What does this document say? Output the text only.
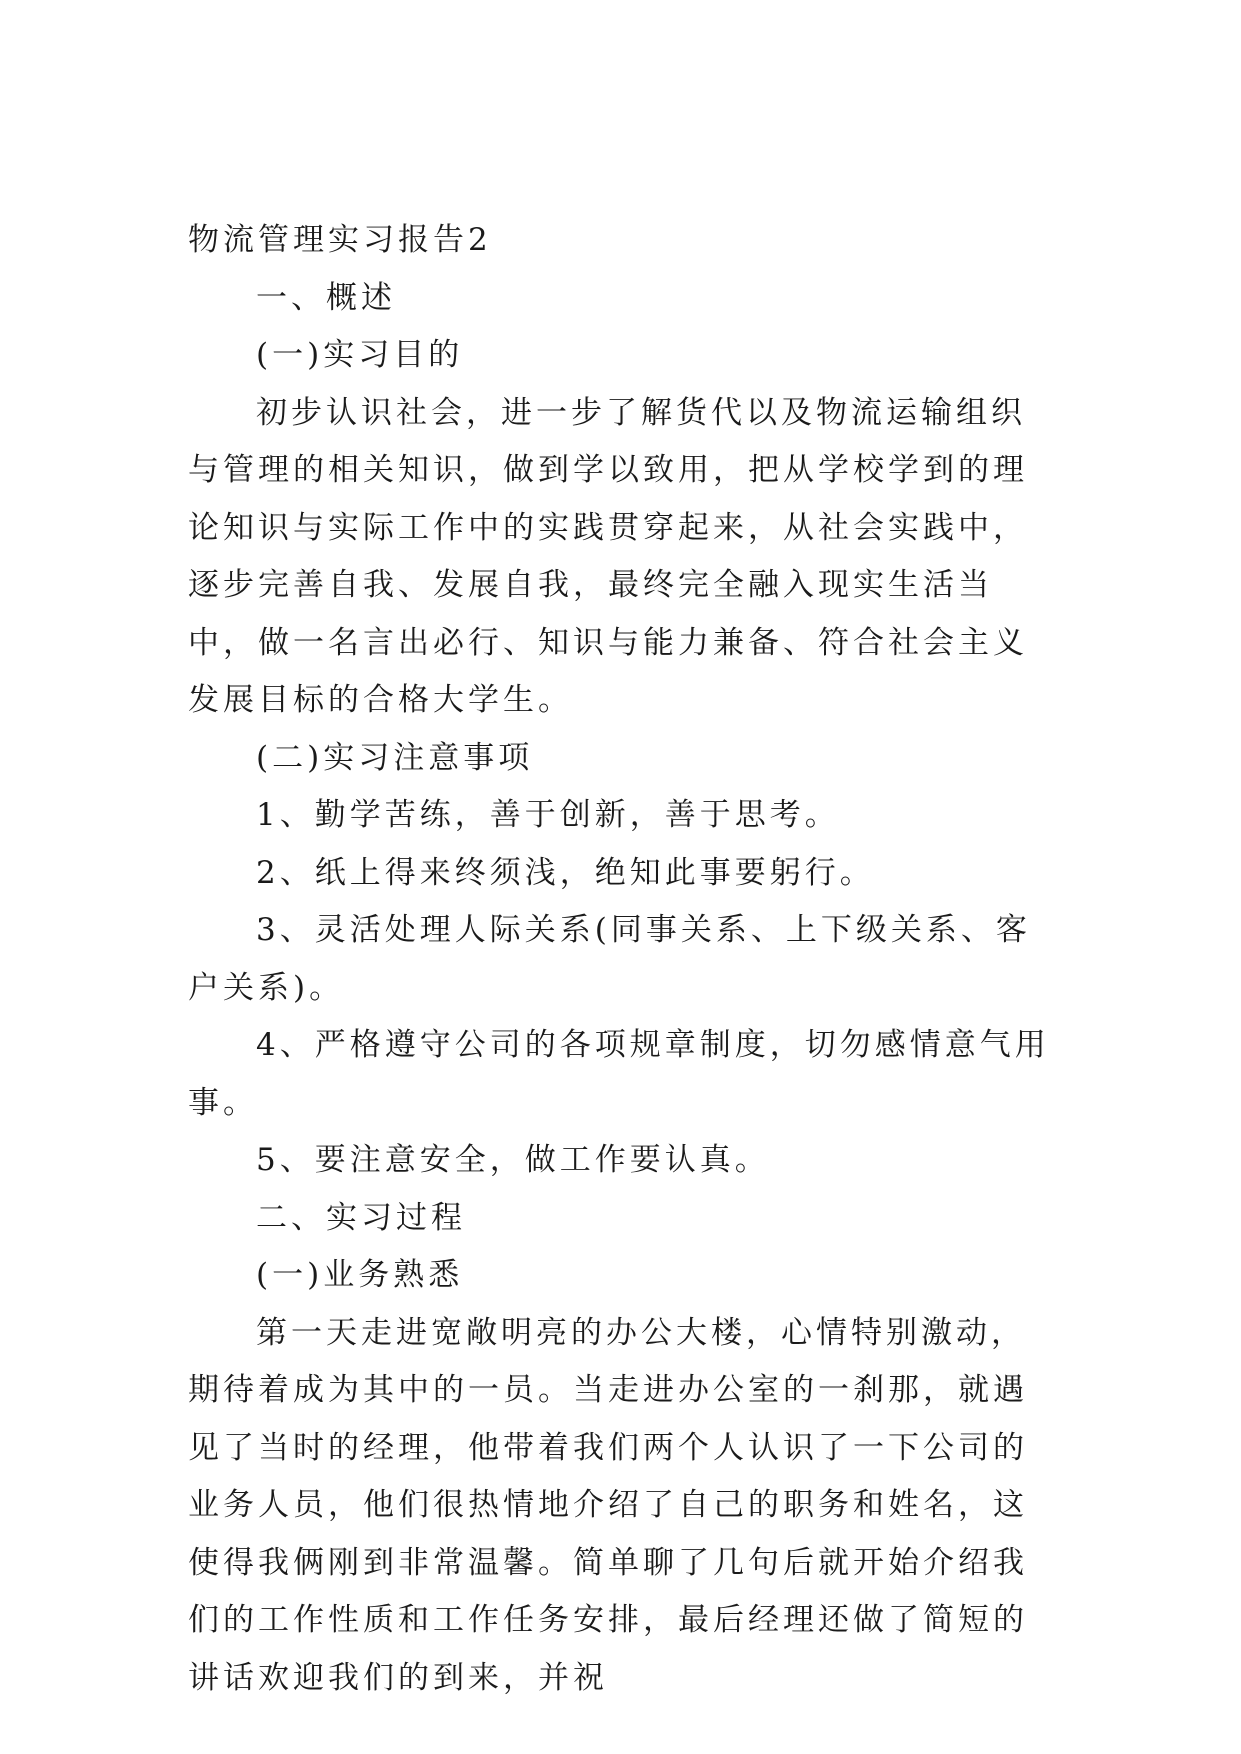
物流管理实习报告2

一、概述

(一)实习目的

初步认识社会，进一步了解货代以及物流运输组织与管理的相关知识，做到学以致用，把从学校学到的理论知识与实际工作中的实践贯穿起来，从社会实践中，逐步完善自我、发展自我，最终完全融入现实生活当中，做一名言出必行、知识与能力兼备、符合社会主义发展目标的合格大学生。

(二)实习注意事项

1、勤学苦练，善于创新，善于思考。

2、纸上得来终须浅，绝知此事要躬行。

3、灵活处理人际关系(同事关系、上下级关系、客户关系)。

4、严格遵守公司的各项规章制度，切勿感情意气用事。

5、要注意安全，做工作要认真。

二、实习过程

(一)业务熟悉

第一天走进宽敞明亮的办公大楼，心情特别激动，期待着成为其中的一员。当走进办公室的一刹那，就遇见了当时的经理，他带着我们两个人认识了一下公司的业务人员，他们很热情地介绍了自己的职务和姓名，这使得我俩刚到非常温馨。简单聊了几句后就开始介绍我们的工作性质和工作任务安排，最后经理还做了简短的讲话欢迎我们的到来，并祝
